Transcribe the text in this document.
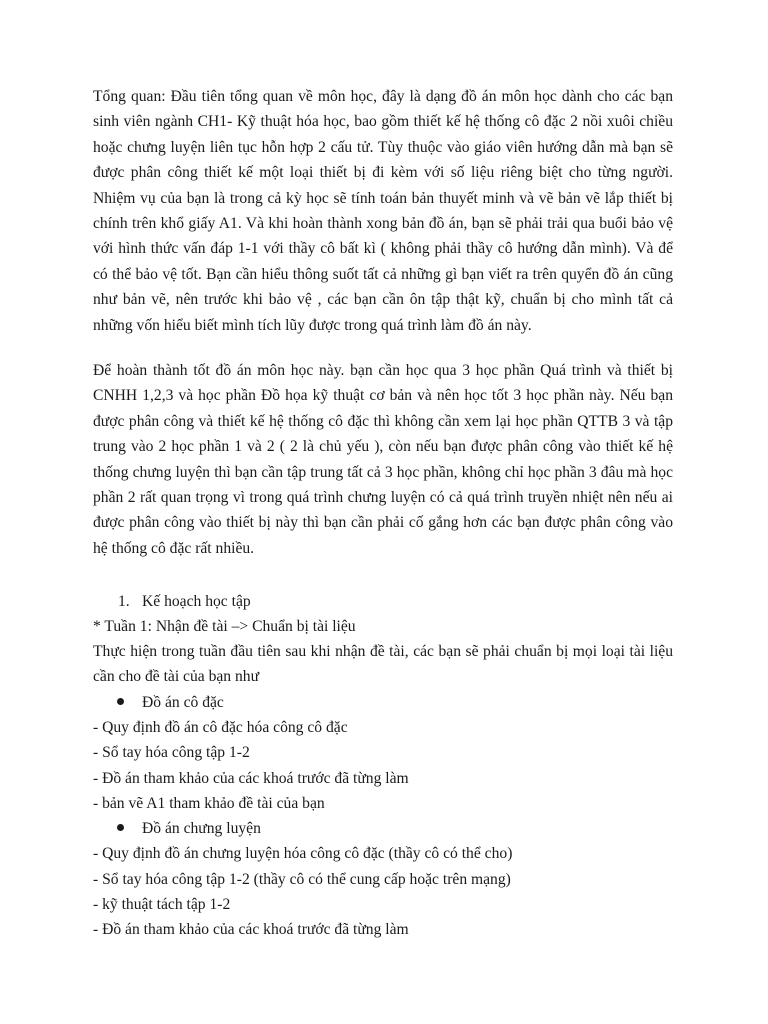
Tổng quan: Đầu tiên tổng quan về môn học, đây là dạng đồ án môn học dành cho các bạn sinh viên ngành CH1- Kỹ thuật hóa học, bao gồm thiết kế hệ thống cô đặc 2 nồi xuôi chiều hoặc chưng luyện liên tục hỗn hợp 2 cấu tử. Tùy thuộc vào giáo viên hướng dẫn mà bạn sẽ được phân công thiết kế một loại thiết bị đi kèm với số liệu riêng biệt cho từng người. Nhiệm vụ của bạn là trong cả kỳ học sẽ tính toán bản thuyết minh và vẽ bản vẽ lắp thiết bị chính trên khổ giấy A1. Và khi hoàn thành xong bản đồ án, bạn sẽ phải trải qua buổi bảo vệ với hình thức vấn đáp 1-1 với thầy cô bất kì ( không phải thầy cô hướng dẫn mình). Và để có thể bảo vệ tốt. Bạn cần hiểu thông suốt tất cả những gì bạn viết ra trên quyển đồ án cũng như bản vẽ, nên trước khi bảo vệ , các bạn cần ôn tập thật kỹ, chuẩn bị cho mình tất cả những vốn hiểu biết mình tích lũy được trong quá trình làm đồ án này.

Để hoàn thành tốt đồ án môn học này. bạn cần học qua 3 học phần Quá trình và thiết bị CNHH 1,2,3 và học phần Đồ họa kỹ thuật cơ bản và nên học tốt 3 học phần này. Nếu bạn được phân công và thiết kế hệ thống cô đặc thì không cần xem lại học phần QTTB 3 và tập trung vào 2 học phần 1 và 2 ( 2 là chủ yếu ), còn nếu bạn được phân công vào thiết kế hệ thống chưng luyện thì bạn cần tập trung tất cả 3 học phần, không chỉ học phần 3 đâu mà học phần 2 rất quan trọng vì trong quá trình chưng luyện có cả quá trình truyền nhiệt nên nếu ai được phân công vào thiết bị này thì bạn cần phải cố gắng hơn các bạn được phân công vào hệ thống cô đặc rất nhiều.

1. Kế hoạch học tập
* Tuần 1: Nhận đề tài –> Chuẩn bị tài liệu

Thực hiện trong tuần đầu tiên sau khi nhận đề tài, các bạn sẽ phải chuẩn bị mọi loại tài liệu cần cho đề tài của bạn như

Đồ án cô đặc
- Quy định đồ án cô đặc hóa công cô đặc
- Sổ tay hóa công tập 1-2
- Đồ án tham khảo của các khoá trước đã từng làm
- bản vẽ A1 tham khảo đề tài của bạn
Đồ án chưng luyện
- Quy định đồ án chưng luyện hóa công cô đặc (thầy cô có thể cho)
- Sổ tay hóa công tập 1-2 (thầy cô có thể cung cấp hoặc trên mạng)
- kỹ thuật tách tập 1-2
- Đồ án tham khảo của các khoá trước đã từng làm
